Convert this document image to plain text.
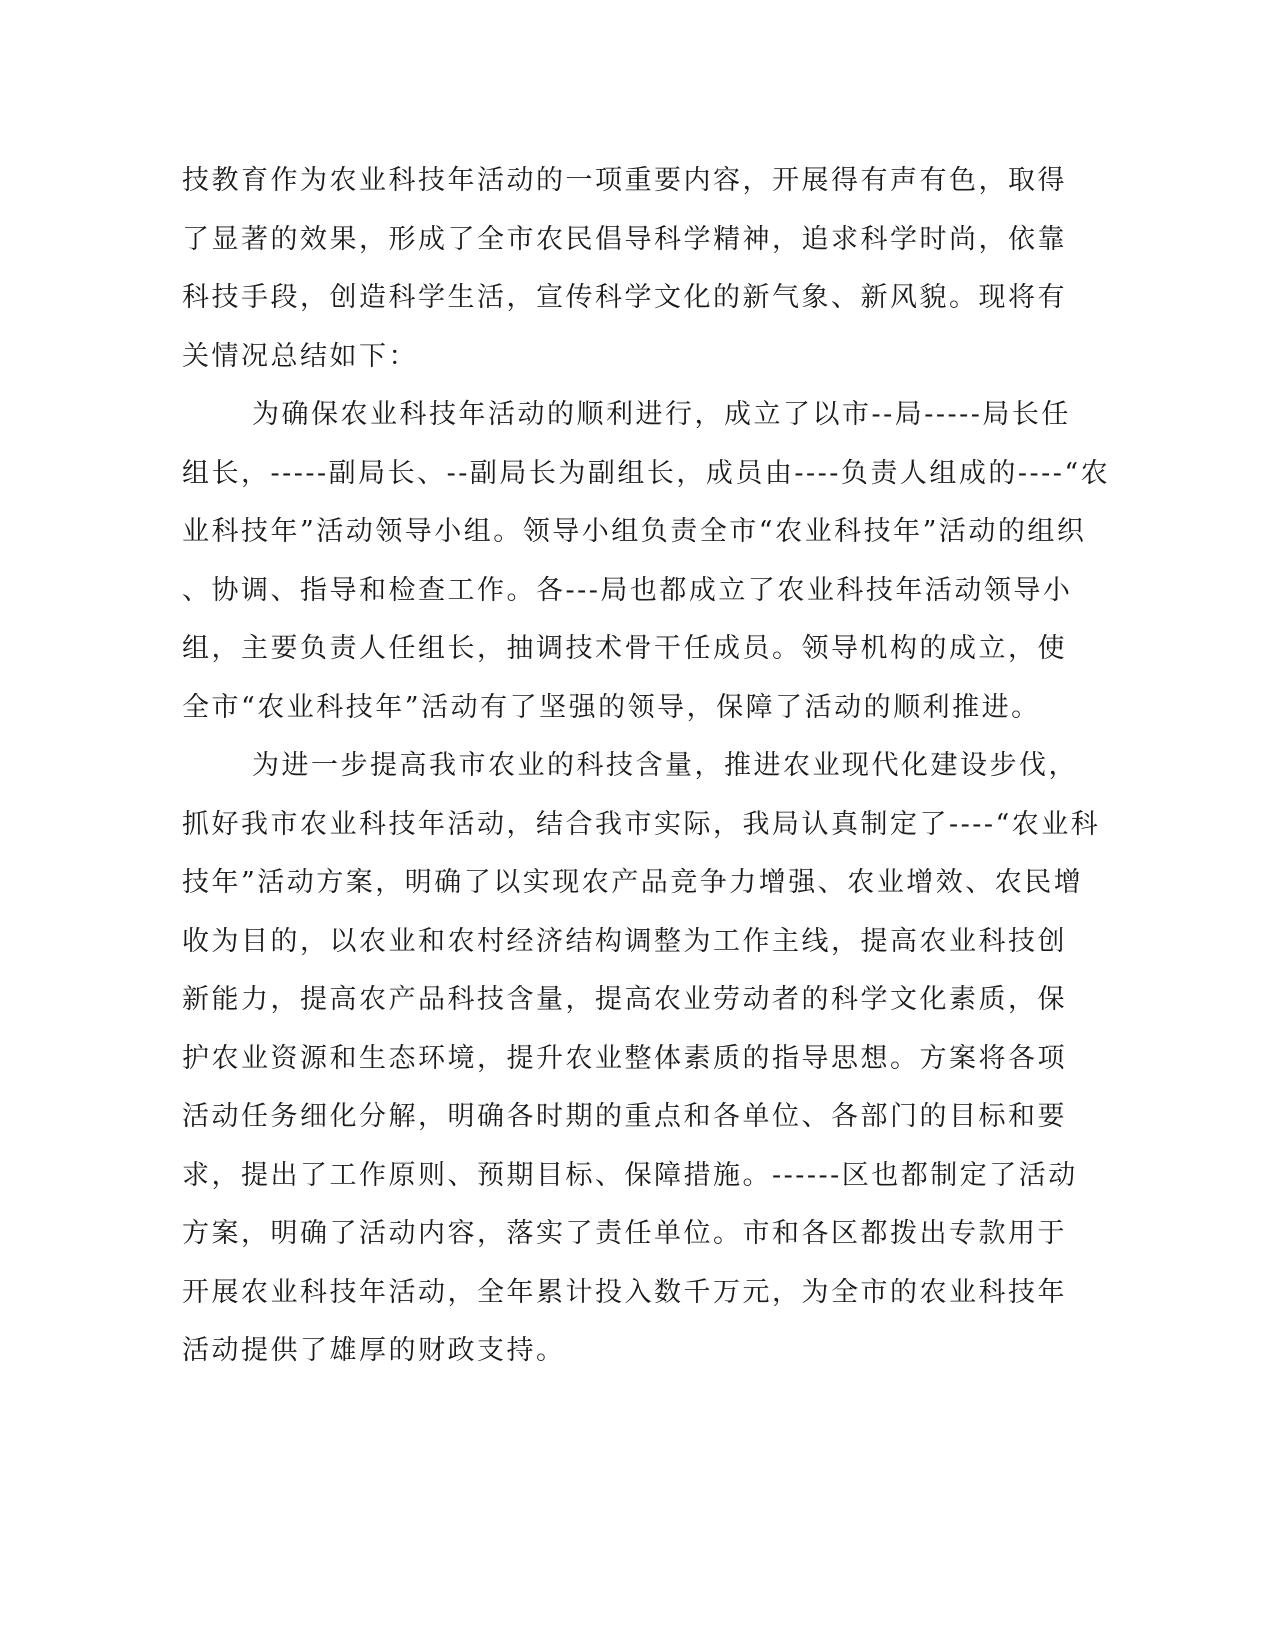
技教育作为农业科技年活动的一项重要内容，开展得有声有色，取得
了显著的效果，形成了全市农民倡导科学精神，追求科学时尚，依靠
科技手段，创造科学生活，宣传科学文化的新气象、新风貌。现将有
关情况总结如下：
为确保农业科技年活动的顺利进行，成立了以市--局-----局长任
组长，-----副局长、--副局长为副组长，成员由----负责人组成的----“农
业科技年”活动领导小组。领导小组负责全市“农业科技年”活动的组织
、协调、指导和检查工作。各---局也都成立了农业科技年活动领导小
组，主要负责人任组长，抽调技术骨干任成员。领导机构的成立，使
全市“农业科技年”活动有了坚强的领导，保障了活动的顺利推进。
为进一步提高我市农业的科技含量，推进农业现代化建设步伐，
抓好我市农业科技年活动，结合我市实际，我局认真制定了----“农业科
技年”活动方案，明确了以实现农产品竞争力增强、农业增效、农民增
收为目的，以农业和农村经济结构调整为工作主线，提高农业科技创
新能力，提高农产品科技含量，提高农业劳动者的科学文化素质，保
护农业资源和生态环境，提升农业整体素质的指导思想。方案将各项
活动任务细化分解，明确各时期的重点和各单位、各部门的目标和要
求，提出了工作原则、预期目标、保障措施。------区也都制定了活动
方案，明确了活动内容，落实了责任单位。市和各区都拨出专款用于
开展农业科技年活动，全年累计投入数千万元，为全市的农业科技年
活动提供了雄厚的财政支持。
